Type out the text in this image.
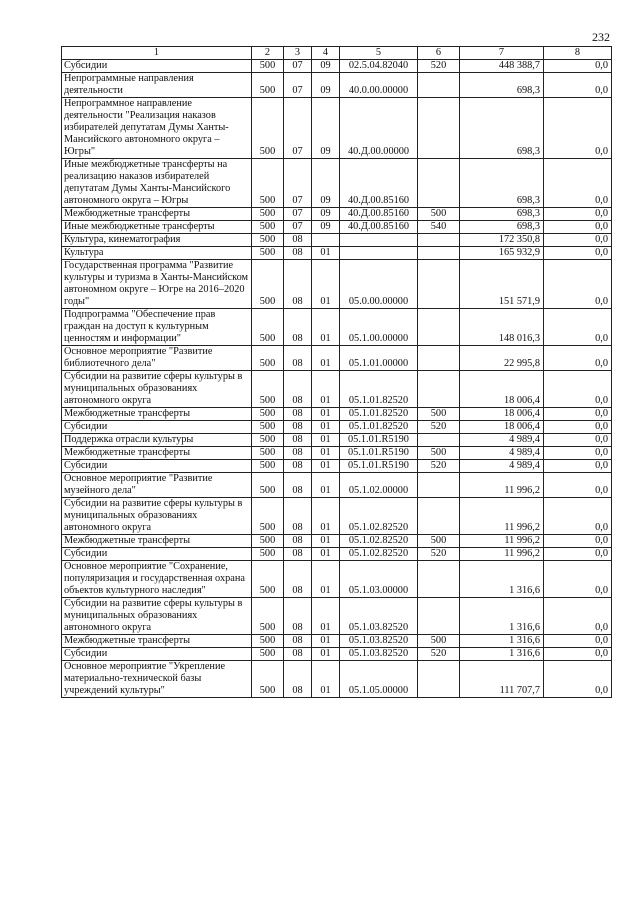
232
1	2	3	4	5	6	7	8
Субсидии	500	07	09	02.5.04.82040	520	448 388,7	0,0
Непрограммные направления деятельности	500	07	09	40.0.00.00000		698,3	0,0
Непрограммное направление деятельности "Реализация наказов избирателей депутатам Думы Ханты-Мансийского автономного округа – Югры"	500	07	09	40.Д.00.00000		698,3	0,0
Иные межбюджетные трансферты на реализацию наказов избирателей депутатам Думы Ханты-Мансийского автономного округа – Югры	500	07	09	40.Д.00.85160		698,3	0,0
Межбюджетные трансферты	500	07	09	40.Д.00.85160	500	698,3	0,0
Иные межбюджетные трансферты	500	07	09	40.Д.00.85160	540	698,3	0,0
Культура, кинематография	500	08				172 350,8	0,0
Культура	500	08	01			165 932,9	0,0
Государственная программа "Развитие культуры и туризма в Ханты-Мансийском автономном округе – Югре на 2016–2020 годы"	500	08	01	05.0.00.00000		151 571,9	0,0
Подпрограмма "Обеспечение прав граждан на доступ к культурным ценностям и информации"	500	08	01	05.1.00.00000		148 016,3	0,0
Основное мероприятие "Развитие библиотечного дела"	500	08	01	05.1.01.00000		22 995,8	0,0
Субсидии на развитие сферы культуры в муниципальных образованиях автономного округа	500	08	01	05.1.01.82520		18 006,4	0,0
Межбюджетные трансферты	500	08	01	05.1.01.82520	500	18 006,4	0,0
Субсидии	500	08	01	05.1.01.82520	520	18 006,4	0,0
Поддержка отрасли культуры	500	08	01	05.1.01.R5190		4 989,4	0,0
Межбюджетные трансферты	500	08	01	05.1.01.R5190	500	4 989,4	0,0
Субсидии	500	08	01	05.1.01.R5190	520	4 989,4	0,0
Основное мероприятие "Развитие музейного дела"	500	08	01	05.1.02.00000		11 996,2	0,0
Субсидии на развитие сферы культуры в муниципальных образованиях автономного округа	500	08	01	05.1.02.82520		11 996,2	0,0
Межбюджетные трансферты	500	08	01	05.1.02.82520	500	11 996,2	0,0
Субсидии	500	08	01	05.1.02.82520	520	11 996,2	0,0
Основное мероприятие "Сохранение, популяризация и государственная охрана объектов культурного наследия"	500	08	01	05.1.03.00000		1 316,6	0,0
Субсидии на развитие сферы культуры в муниципальных образованиях автономного округа	500	08	01	05.1.03.82520		1 316,6	0,0
Межбюджетные трансферты	500	08	01	05.1.03.82520	500	1 316,6	0,0
Субсидии	500	08	01	05.1.03.82520	520	1 316,6	0,0
Основное мероприятие "Укрепление материально-технической базы учреждений культуры"	500	08	01	05.1.05.00000		111 707,7	0,0
